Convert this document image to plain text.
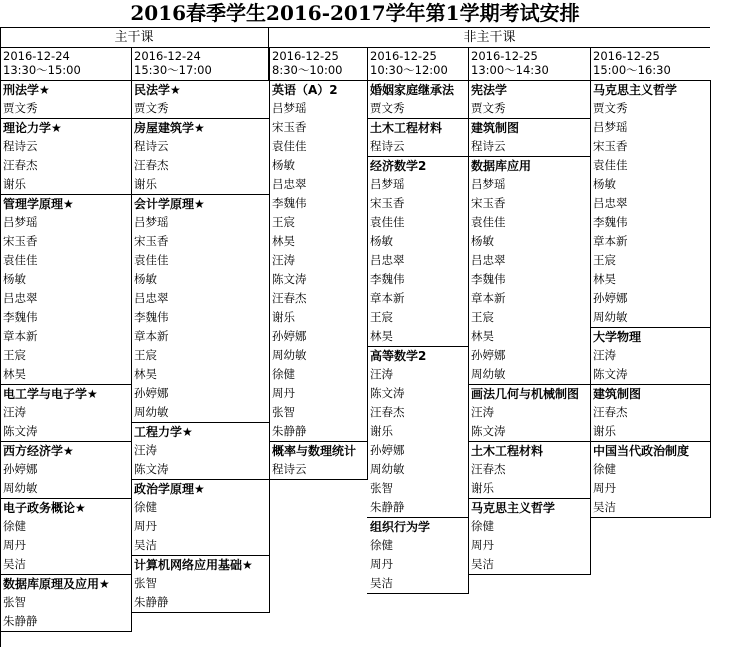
2016春季学生2016-2017学年第1学期考试安排
主干课	非主干课
2016-12-24
13:30～15:00
刑法学★
贾文秀
理论力学★
程诗云
汪春杰
谢乐
管理学原理★
吕梦瑶
宋玉香
袁佳佳
杨敏
吕忠翠
李魏伟
章本新
王宸
林昊
电工学与电子学★
汪涛
陈文涛
西方经济学★
孙婷娜
周幼敏
电子政务概论★
徐健
周丹
吴洁
数据库原理及应用★
张智
朱静静
2016-12-24
15:30～17:00
民法学★
贾文秀
房屋建筑学★
程诗云
汪春杰
谢乐
会计学原理★
吕梦瑶
宋玉香
袁佳佳
杨敏
吕忠翠
李魏伟
章本新
王宸
林昊
孙婷娜
周幼敏
工程力学★
汪涛
陈文涛
政治学原理★
徐健
周丹
吴洁
计算机网络应用基础★
张智
朱静静
2016-12-25
8:30～10:00
英语（A）2
吕梦瑶
宋玉香
袁佳佳
杨敏
吕忠翠
李魏伟
王宸
林昊
汪涛
陈文涛
汪春杰
谢乐
孙婷娜
周幼敏
徐健
周丹
张智
朱静静
概率与数理统计
程诗云
2016-12-25
10:30～12:00
婚姻家庭继承法
贾文秀
土木工程材料
程诗云
经济数学2
吕梦瑶
宋玉香
袁佳佳
杨敏
吕忠翠
李魏伟
章本新
王宸
林昊
高等数学2
汪涛
陈文涛
汪春杰
谢乐
孙婷娜
周幼敏
张智
朱静静
组织行为学
徐健
周丹
吴洁
2016-12-25
13:00～14:30
宪法学
贾文秀
建筑制图
程诗云
数据库应用
吕梦瑶
宋玉香
袁佳佳
杨敏
吕忠翠
李魏伟
章本新
王宸
林昊
孙婷娜
周幼敏
画法几何与机械制图
汪涛
陈文涛
土木工程材料
汪春杰
谢乐
马克思主义哲学
徐健
周丹
吴洁
2016-12-25
15:00～16:30
马克思主义哲学
贾文秀
吕梦瑶
宋玉香
袁佳佳
杨敏
吕忠翠
李魏伟
章本新
王宸
林昊
孙婷娜
周幼敏
大学物理
汪涛
陈文涛
建筑制图
汪春杰
谢乐
中国当代政治制度
徐健
周丹
吴洁
